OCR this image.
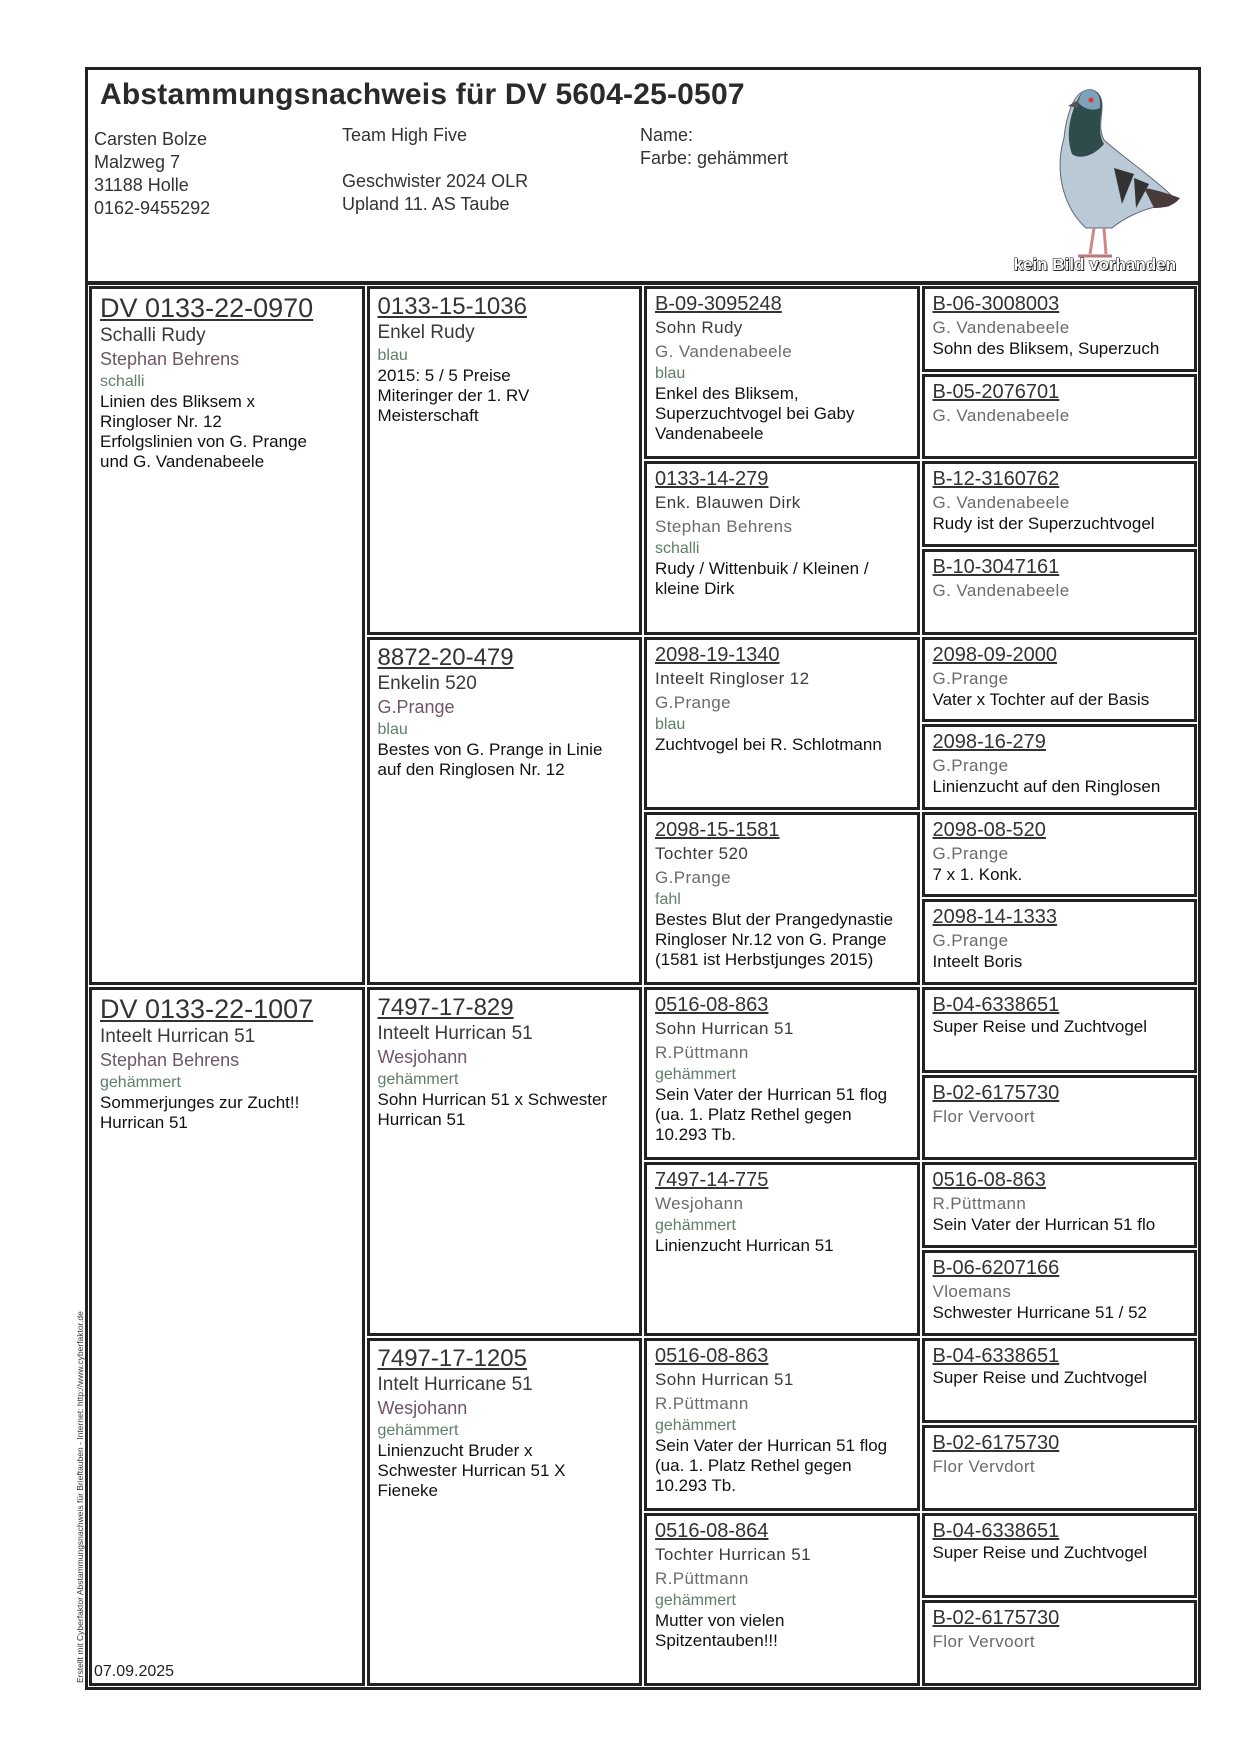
Abstammungsnachweis für DV 5604-25-0507
Carsten Bolze
Malzweg 7
31188 Holle
0162-9455292
Team High Five
Geschwister 2024 OLR
Upland 11. AS Taube
Name:
Farbe: gehämmert
kein Bild vorhanden
DV 0133-22-0970
Schalli Rudy
Stephan Behrens
schalli
Linien des Bliksem x
Ringloser Nr. 12
Erfolgslinien von G. Prange
und G. Vandenabeele
DV 0133-22-1007
Inteelt Hurrican 51
Stephan Behrens
gehämmert
Sommerjunges zur Zucht!!
Hurrican 51
0133-15-1036
Enkel Rudy
blau
2015: 5 / 5 Preise
Miteringer der 1. RV
Meisterschaft
8872-20-479
Enkelin 520
G.Prange
blau
Bestes von G. Prange in Linie
auf den Ringlosen Nr. 12
7497-17-829
Inteelt Hurrican 51
Wesjohann
gehämmert
Sohn Hurrican 51 x Schwester
Hurrican 51
7497-17-1205
Intelt Hurricane 51
Wesjohann
gehämmert
Linienzucht Bruder x
Schwester Hurrican 51 X
Fieneke
B-09-3095248
Sohn Rudy
G. Vandenabeele
blau
Enkel des Bliksem,
Superzuchtvogel bei Gaby
Vandenabeele
0133-14-279
Enk. Blauwen Dirk
Stephan Behrens
schalli
Rudy / Wittenbuik / Kleinen /
kleine Dirk
2098-19-1340
Inteelt Ringloser 12
G.Prange
blau
Zuchtvogel bei R. Schlotmann
2098-15-1581
Tochter 520
G.Prange
fahl
Bestes Blut der Prangedynastie
Ringloser Nr.12 von G. Prange
(1581 ist Herbstjunges 2015)
0516-08-863
Sohn Hurrican 51
R.Püttmann
gehämmert
Sein Vater der Hurrican 51 flog
(ua. 1. Platz Rethel gegen
10.293 Tb.
7497-14-775
Wesjohann
gehämmert
Linienzucht Hurrican 51
0516-08-863
Sohn Hurrican 51
R.Püttmann
gehämmert
Sein Vater der Hurrican 51 flog
(ua. 1. Platz Rethel gegen
10.293 Tb.
0516-08-864
Tochter Hurrican 51
R.Püttmann
gehämmert
Mutter von vielen
Spitzentauben!!!
B-06-3008003
G. Vandenabeele
Sohn des Bliksem, Superzuch
B-05-2076701
G. Vandenabeele
B-12-3160762
G. Vandenabeele
Rudy ist der Superzuchtvogel
B-10-3047161
G. Vandenabeele
2098-09-2000
G.Prange
Vater x Tochter auf der Basis
2098-16-279
G.Prange
Linienzucht auf den Ringlosen
2098-08-520
G.Prange
7 x 1. Konk.
2098-14-1333
G.Prange
Inteelt Boris
B-04-6338651
Super Reise und Zuchtvogel
B-02-6175730
Flor Vervoort
0516-08-863
R.Püttmann
Sein Vater der Hurrican 51 flo
B-06-6207166
Vloemans
Schwester Hurricane 51 / 52
B-04-6338651
Super Reise und Zuchtvogel
B-02-6175730
Flor Vervdort
B-04-6338651
Super Reise und Zuchtvogel
B-02-6175730
Flor Vervoort
07.09.2025
Erstellt mit Cyberfaktor Abstammungsnachweis für Brieftauben - Internet: http://www.cyberfaktor.de
